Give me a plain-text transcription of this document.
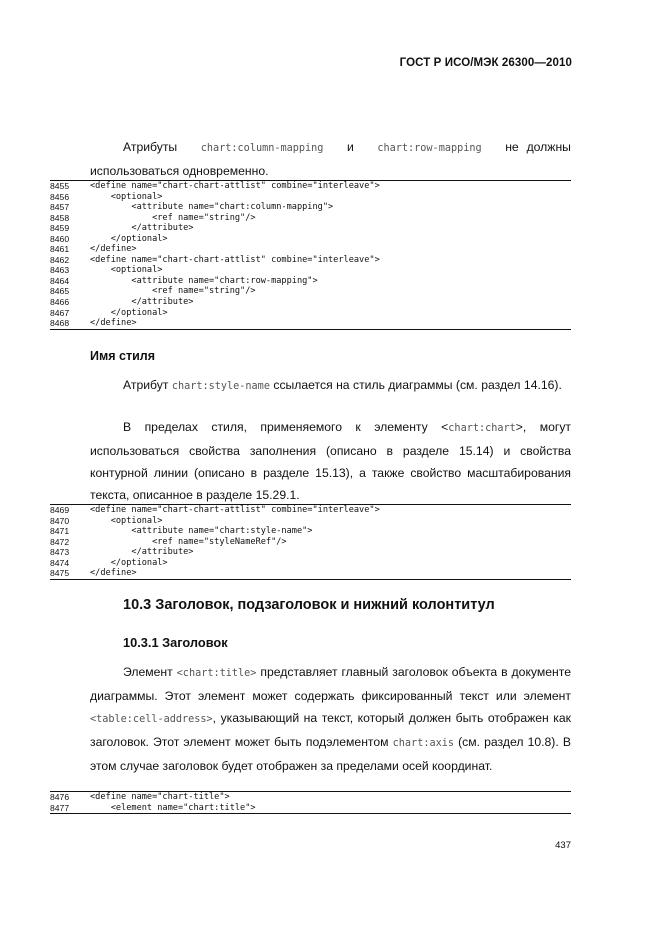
ГОСТ Р ИСО/МЭК 26300—2010

Атрибуты chart:column-mapping и chart:row-mapping не должны использоваться одновременно.

8455	<define name="chart-chart-attlist" combine="interleave">
8456	<optional>
8457	<attribute name="chart:column-mapping">
8458	<ref name="string"/>
8459	</attribute>
8460	</optional>
8461	</define>
8462	<define name="chart-chart-attlist" combine="interleave">
8463	<optional>
8464	<attribute name="chart:row-mapping">
8465	<ref name="string"/>
8466	</attribute>
8467	</optional>
8468	</define>
Имя стиля

Атрибут chart:style-name ссылается на стиль диаграммы (см. раздел 14.16).

В пределах стиля, применяемого к элементу <chart:chart>, могут использоваться свойства заполнения (описано в разделе 15.14) и свойства контурной линии (описано в разделе 15.13), а также свойство масштабирования текста, описанное в разделе 15.29.1.

8469	<define name="chart-chart-attlist" combine="interleave">
8470	<optional>
8471	<attribute name="chart:style-name">
8472	<ref name="styleNameRef"/>
8473	</attribute>
8474	</optional>
8475	</define>
10.3 Заголовок, подзаголовок и нижний колонтитул
10.3.1 Заголовок

Элемент <chart:title> представляет главный заголовок объекта в документе диаграммы. Этот элемент может содержать фиксированный текст или элемент <table:cell-address>, указывающий на текст, который должен быть отображен как заголовок. Этот элемент может быть подэлементом chart:axis (см. раздел 10.8). В этом случае заголовок будет отображен за пределами осей координат.

8476	<define name="chart-title">
8477	<element name="chart:title">
437
